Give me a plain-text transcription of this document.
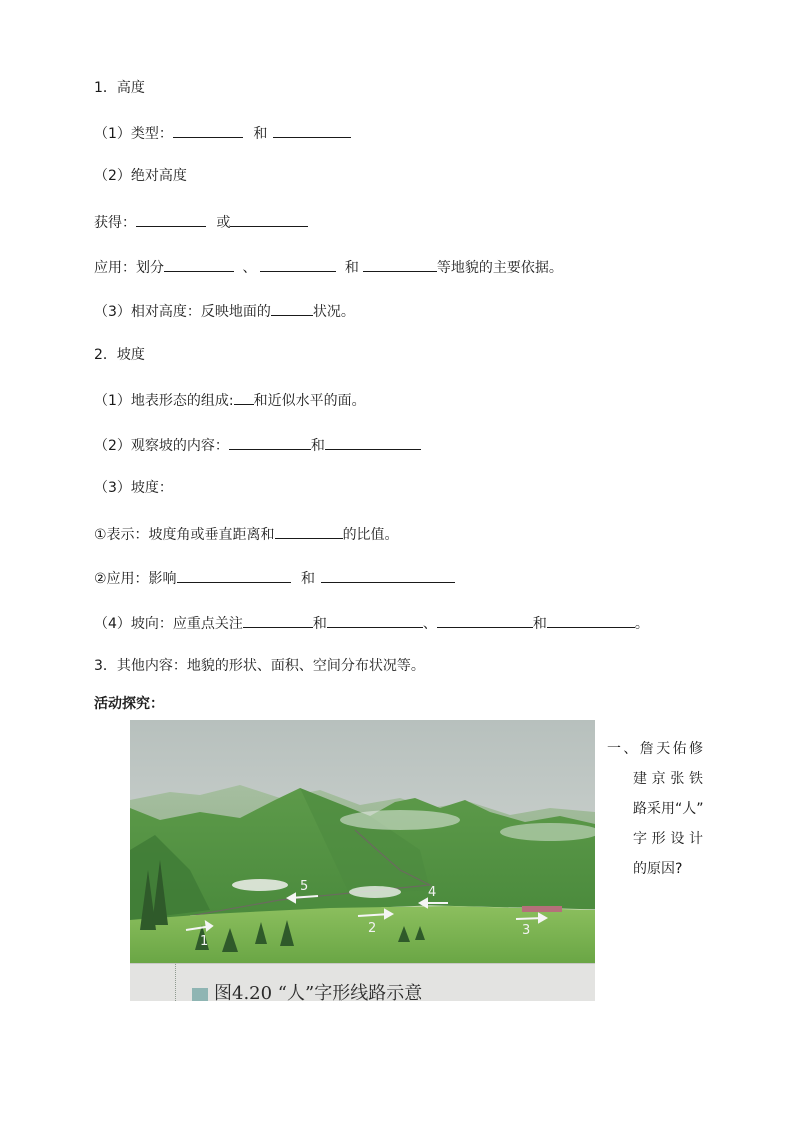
1．高度
（1）类型：	和
（2）绝对高度
获得：	或
应用：划分	、	和	等地貌的主要依据。
（3）相对高度：反映地面的	状况。
2．坡度
（1）地表形态的组成: 和近似水平的面。
（2）观察坡的内容：	和
（3）坡度：
①表示：坡度角或垂直距离和	的比值。
②应用：影响	和
（4）坡向：应重点关注	和	、	和	。
3．其他内容：地貌的形状、面积、空间分布状况等。
活动探究：
1
2	3
4
5
图4.20 “人”字形线路示意
一、詹天佑修
建京张铁
路采用“人”
字形设计
的原因?
